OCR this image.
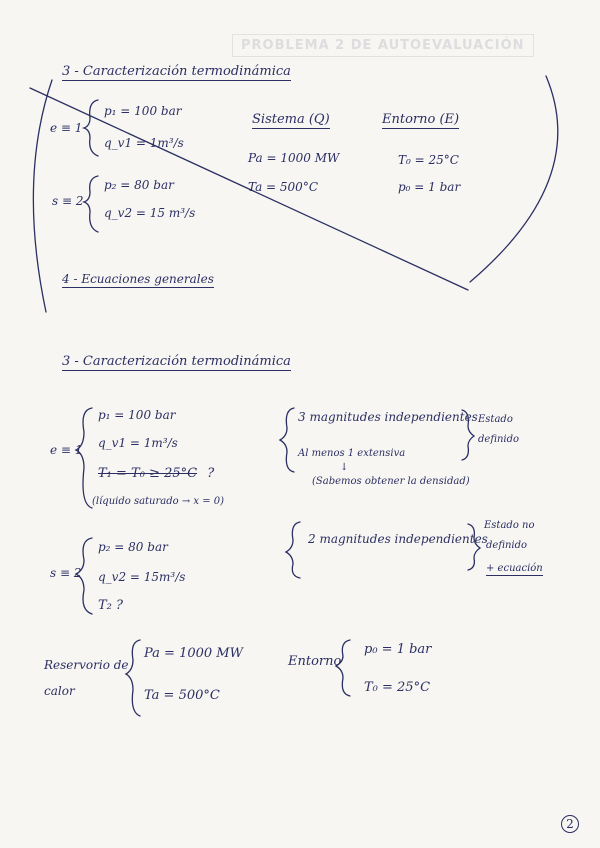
PROBLEMA 2 DE AUTOEVALUACIÓN
3 - Caracterización termodinámica
e ≡ 1
p₁ = 100 bar
q_v1 = 1m³/s
s ≡ 2
p₂ = 80 bar
q_v2 = 15 m³/s
Sistema (Q)
Pa = 1000 MW
Ta = 500°C
Entorno (E)
T₀ = 25°C
p₀ = 1 bar
4 - Ecuaciones generales
3 - Caracterización termodinámica
e ≡ 1
p₁ = 100 bar
q_v1 = 1m³/s
T₁ = T₀ ≥ 25°C ?
(líquido saturado → x = 0)
3 magnitudes independientes
Al menos 1 extensiva
↓
(Sabemos obtener la densidad)
Estado
definido
s ≡ 2
p₂ = 80 bar
q_v2 = 15m³/s
T₂ ?
2 magnitudes independientes
Estado no
definido
+ ecuación
Reservorio de
calor
Pa = 1000 MW
Ta = 500°C
Entorno
p₀ = 1 bar
T₀ = 25°C
2
